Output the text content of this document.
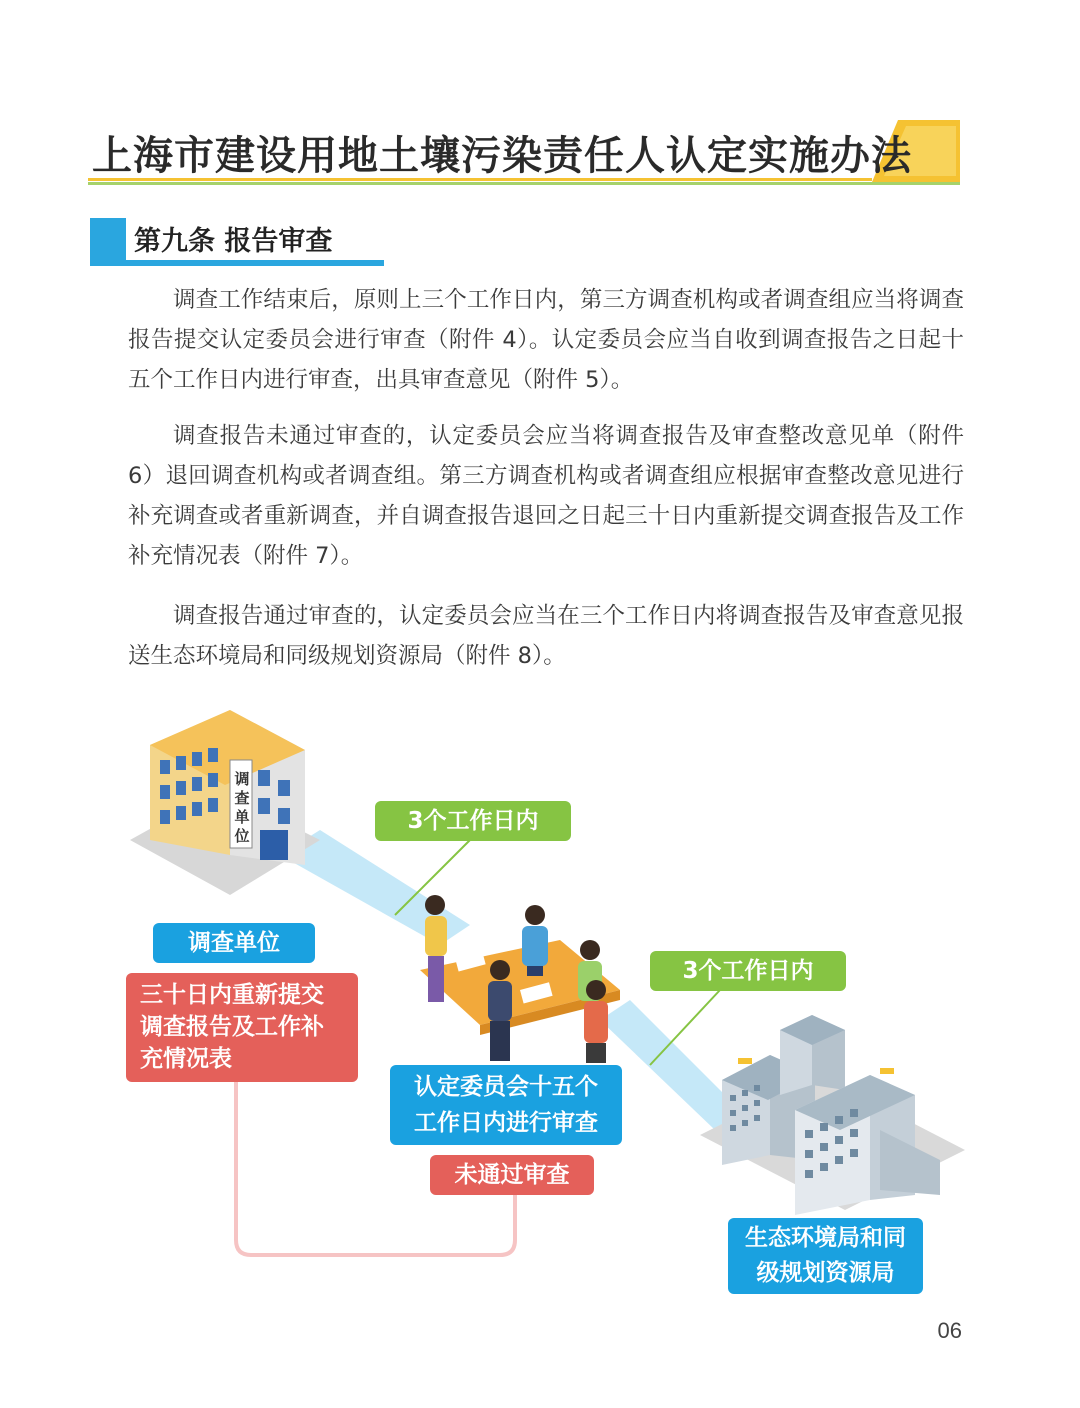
上海市建设用地土壤污染责任人认定实施办法
第九条 报告审查

调查工作结束后，原则上三个工作日内，第三方调查机构或者调查组应当将调查报告提交认定委员会进行审查（附件 4）。认定委员会应当自收到调查报告之日起十五个工作日内进行审查，出具审查意见（附件 5）。

调查报告未通过审查的，认定委员会应当将调查报告及审查整改意见单（附件 6）退回调查机构或者调查组。第三方调查机构或者调查组应根据审查整改意见进行补充调查或者重新调查，并自调查报告退回之日起三十日内重新提交调查报告及工作补充情况表（附件 7）。

调查报告通过审查的，认定委员会应当在三个工作日内将调查报告及审查意见报送生态环境局和同级规划资源局（附件 8）。

调
查
单
位
3个工作日内
3个工作日内
调查单位
三十日内重新提交调查报告及工作补充情况表
认定委员会十五个工作日内进行审查
未通过审查
生态环境局和同级规划资源局
06
